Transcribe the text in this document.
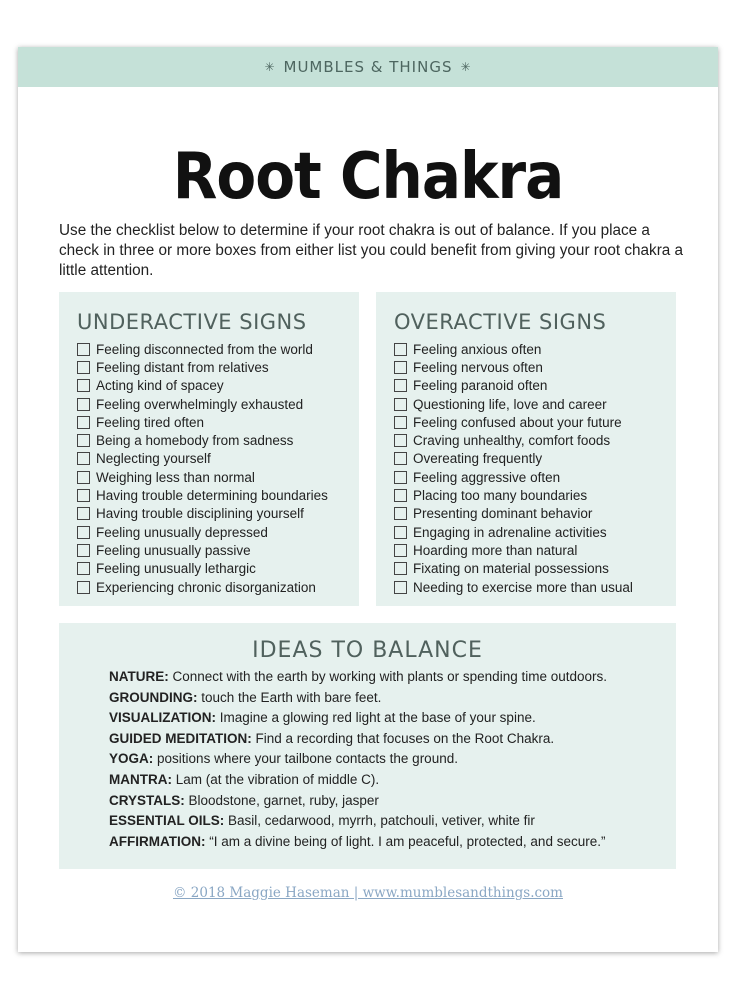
✳ MUMBLES & THINGS ✳
Root Chakra
Use the checklist below to determine if your root chakra is out of balance. If you place a check in three or more boxes from either list you could benefit from giving your root chakra a little attention.
UNDERACTIVE SIGNS
Feeling disconnected from the world
Feeling distant from relatives
Acting kind of spacey
Feeling overwhelmingly exhausted
Feeling tired often
Being a homebody from sadness
Neglecting yourself
Weighing less than normal
Having trouble determining boundaries
Having trouble disciplining yourself
Feeling unusually depressed
Feeling unusually passive
Feeling unusually lethargic
Experiencing chronic disorganization
OVERACTIVE SIGNS
Feeling anxious often
Feeling nervous often
Feeling paranoid often
Questioning life, love and career
Feeling confused about your future
Craving unhealthy, comfort foods
Overeating frequently
Feeling aggressive often
Placing too many boundaries
Presenting dominant behavior
Engaging in adrenaline activities
Hoarding more than natural
Fixating on material possessions
Needing to exercise more than usual
IDEAS TO BALANCE
NATURE: Connect with the earth by working with plants or spending time outdoors.
GROUNDING: touch the Earth with bare feet.
VISUALIZATION: Imagine a glowing red light at the base of your spine.
GUIDED MEDITATION: Find a recording that focuses on the Root Chakra.
YOGA: positions where your tailbone contacts the ground.
MANTRA: Lam (at the vibration of middle C).
CRYSTALS: Bloodstone, garnet, ruby, jasper
ESSENTIAL OILS: Basil, cedarwood, myrrh, patchouli, vetiver, white fir
AFFIRMATION: “I am a divine being of light. I am peaceful, protected, and secure.”
© 2018 Maggie Haseman | www.mumblesandthings.com
